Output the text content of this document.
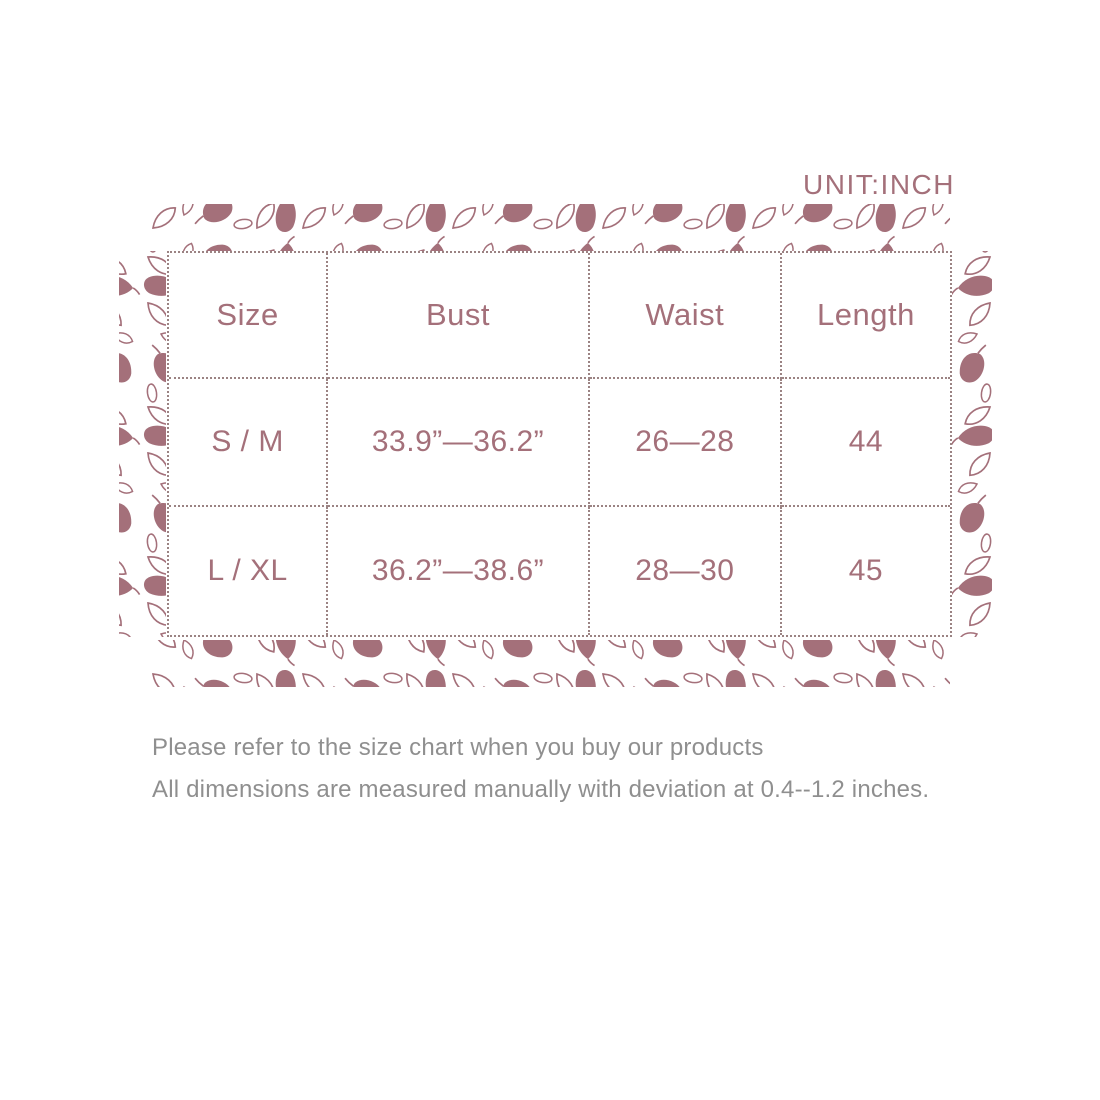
UNIT:INCH
Size	Bust	Waist	Length
S / M	33.9”—36.2”	26—28	44
L / XL	36.2”—38.6”	28—30	45
Please refer to the size chart when you buy our products
All dimensions are measured manually with deviation at 0.4--1.2 inches.
